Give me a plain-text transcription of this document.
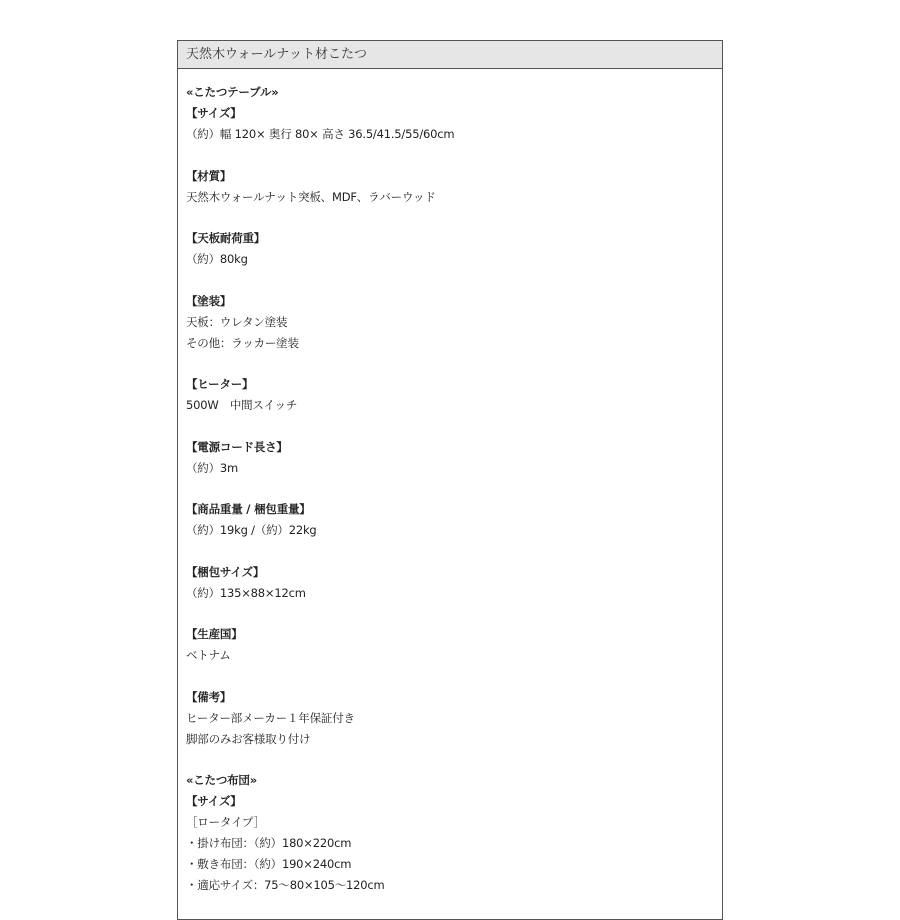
天然木ウォールナット材こたつ
«こたつテーブル»
【サイズ】
（約）幅 120× 奥行 80× 高さ 36.5/41.5/55/60cm
【材質】
天然木ウォールナット突板、MDF、ラバーウッド
【天板耐荷重】
（約）80kg
【塗装】
天板：ウレタン塗装
その他：ラッカー塗装
【ヒーター】
500W　中間スイッチ
【電源コード長さ】
（約）3m
【商品重量 / 梱包重量】
（約）19kg /（約）22kg
【梱包サイズ】
（約）135×88×12cm
【生産国】
ベトナム
【備考】
ヒーター部メーカー１年保証付き
脚部のみお客様取り付け
«こたつ布団»
【サイズ】
［ロータイプ］
・掛け布団：（約）180×220cm
・敷き布団：（約）190×240cm
・適応サイズ：75～80×105～120cm
